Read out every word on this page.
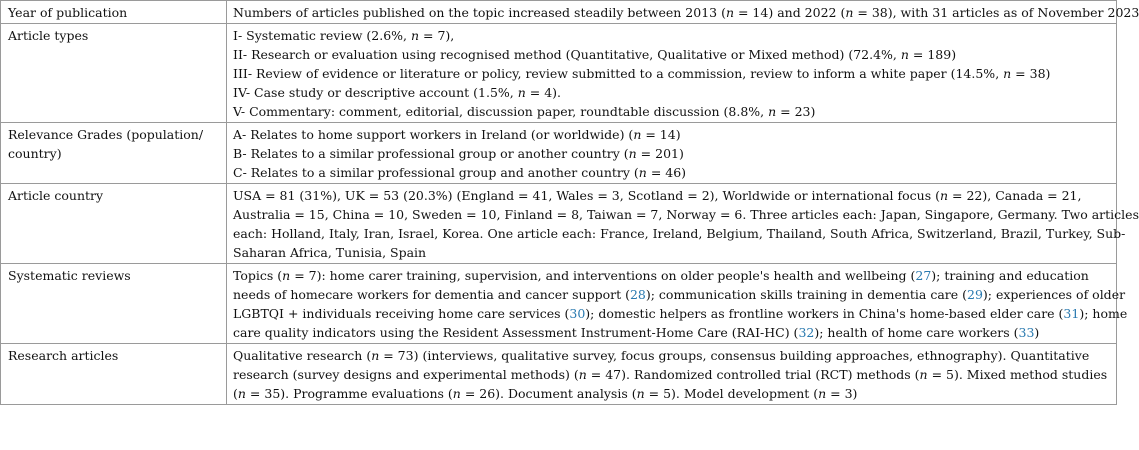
Year of publication	Numbers of articles published on the topic increased steadily between 2013 (n = 14) and 2022 (n = 38), with 31 articles as of November 2023

Article types	I- Systematic review (2.6%, n = 7),
II- Research or evaluation using recognised method (Quantitative, Qualitative or Mixed method) (72.4%, n = 189)
III- Review of evidence or literature or policy, review submitted to a commission, review to inform a white paper (14.5%, n = 38)
IV- Case study or descriptive account (1.5%, n = 4).
V- Commentary: comment, editorial, discussion paper, roundtable discussion (8.8%, n = 23)

Relevance Grades (population/
country)	A- Relates to home support workers in Ireland (or worldwide) (n = 14)
B- Relates to a similar professional group or another country (n = 201)
C- Relates to a similar professional group and another country (n = 46)

Article country	USA = 81 (31%), UK = 53 (20.3%) (England = 41, Wales = 3, Scotland = 2), Worldwide or international focus (n = 22), Canada = 21,
Australia = 15, China = 10, Sweden = 10, Finland = 8, Taiwan = 7, Norway = 6. Three articles each: Japan, Singapore, Germany. Two articles
each: Holland, Italy, Iran, Israel, Korea. One article each: France, Ireland, Belgium, Thailand, South Africa, Switzerland, Brazil, Turkey, Sub-
Saharan Africa, Tunisia, Spain

Systematic reviews	Topics (n = 7): home carer training, supervision, and interventions on older people's health and wellbeing (27); training and education
needs of homecare workers for dementia and cancer support (28); communication skills training in dementia care (29); experiences of older
LGBTQI + individuals receiving home care services (30); domestic helpers as frontline workers in China's home-based elder care (31); home
care quality indicators using the Resident Assessment Instrument-Home Care (RAI-HC) (32); health of home care workers (33)

Research articles	Qualitative research (n = 73) (interviews, qualitative survey, focus groups, consensus building approaches, ethnography). Quantitative
research (survey designs and experimental methods) (n = 47). Randomized controlled trial (RCT) methods (n = 5). Mixed method studies
(n = 35). Programme evaluations (n = 26). Document analysis (n = 5). Model development (n = 3)
